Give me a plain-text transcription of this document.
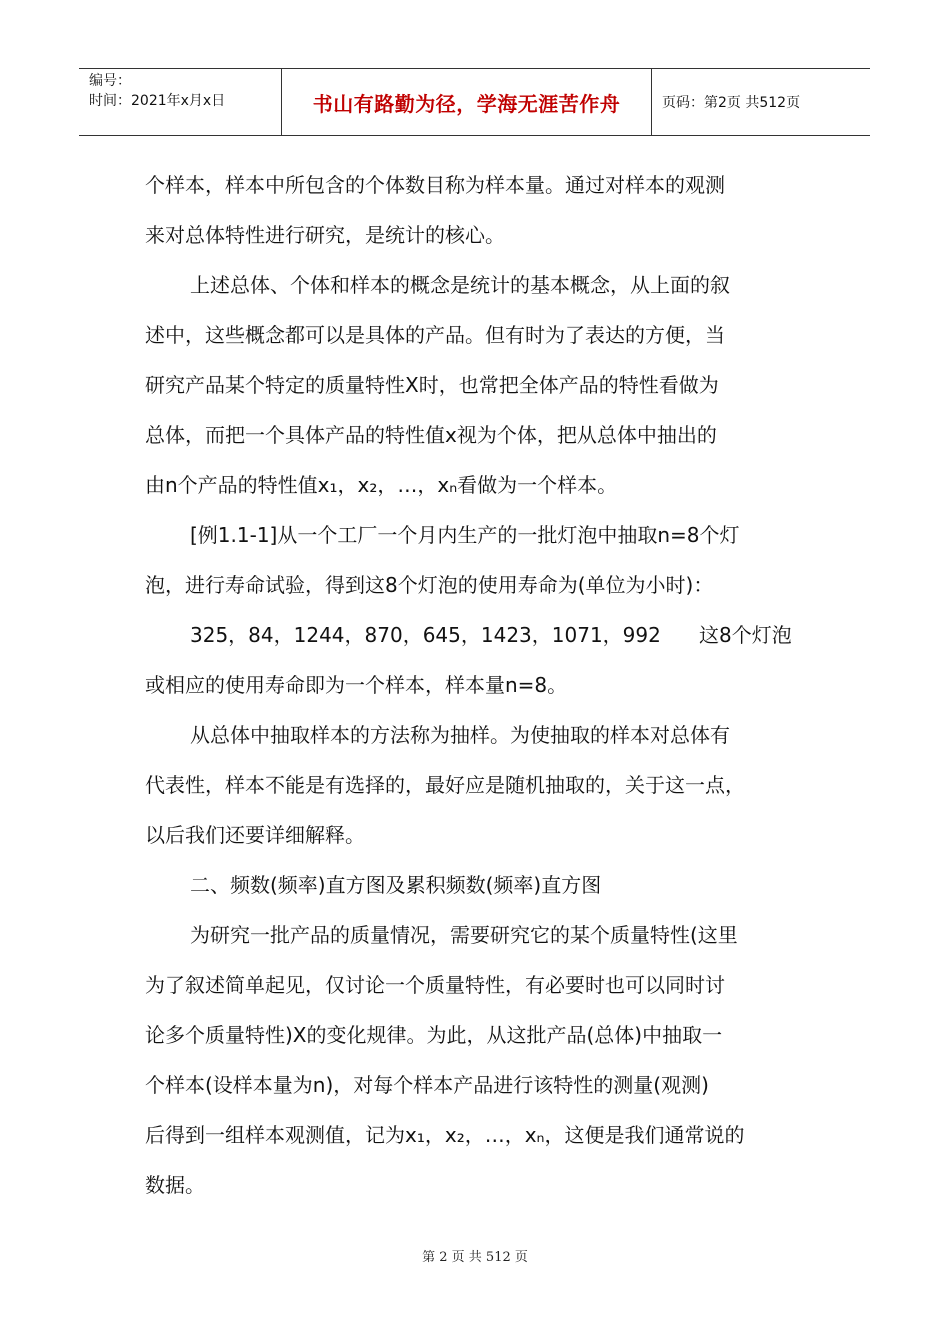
编号：
时间：2021年x月x日	书山有路勤为径，学海无涯苦作舟	页码：第2页 共512页

个样本，样本中所包含的个体数目称为样本量。通过对样本的观测

来对总体特性进行研究，是统计的核心。

上述总体、个体和样本的概念是统计的基本概念，从上面的叙

述中，这些概念都可以是具体的产品。但有时为了表达的方便，当

研究产品某个特定的质量特性X时，也常把全体产品的特性看做为

总体，而把一个具体产品的特性值x视为个体，把从总体中抽出的

由n个产品的特性值x₁，x₂，…，xₙ看做为一个样本。

[例1.1-1]从一个工厂一个月内生产的一批灯泡中抽取n=8个灯

泡，进行寿命试验，得到这8个灯泡的使用寿命为(单位为小时)：

325，84，1244，870，645，1423，1071，992      这8个灯泡

或相应的使用寿命即为一个样本，样本量n=8。

从总体中抽取样本的方法称为抽样。为使抽取的样本对总体有

代表性，样本不能是有选择的，最好应是随机抽取的，关于这一点，

以后我们还要详细解释。

二、频数(频率)直方图及累积频数(频率)直方图

为研究一批产品的质量情况，需要研究它的某个质量特性(这里

为了叙述简单起见，仅讨论一个质量特性，有必要时也可以同时讨

论多个质量特性)X的变化规律。为此，从这批产品(总体)中抽取一

个样本(设样本量为n)，对每个样本产品进行该特性的测量(观测)

后得到一组样本观测值，记为x₁，x₂，…，xₙ，这便是我们通常说的

数据。

第 2 页 共 512 页
